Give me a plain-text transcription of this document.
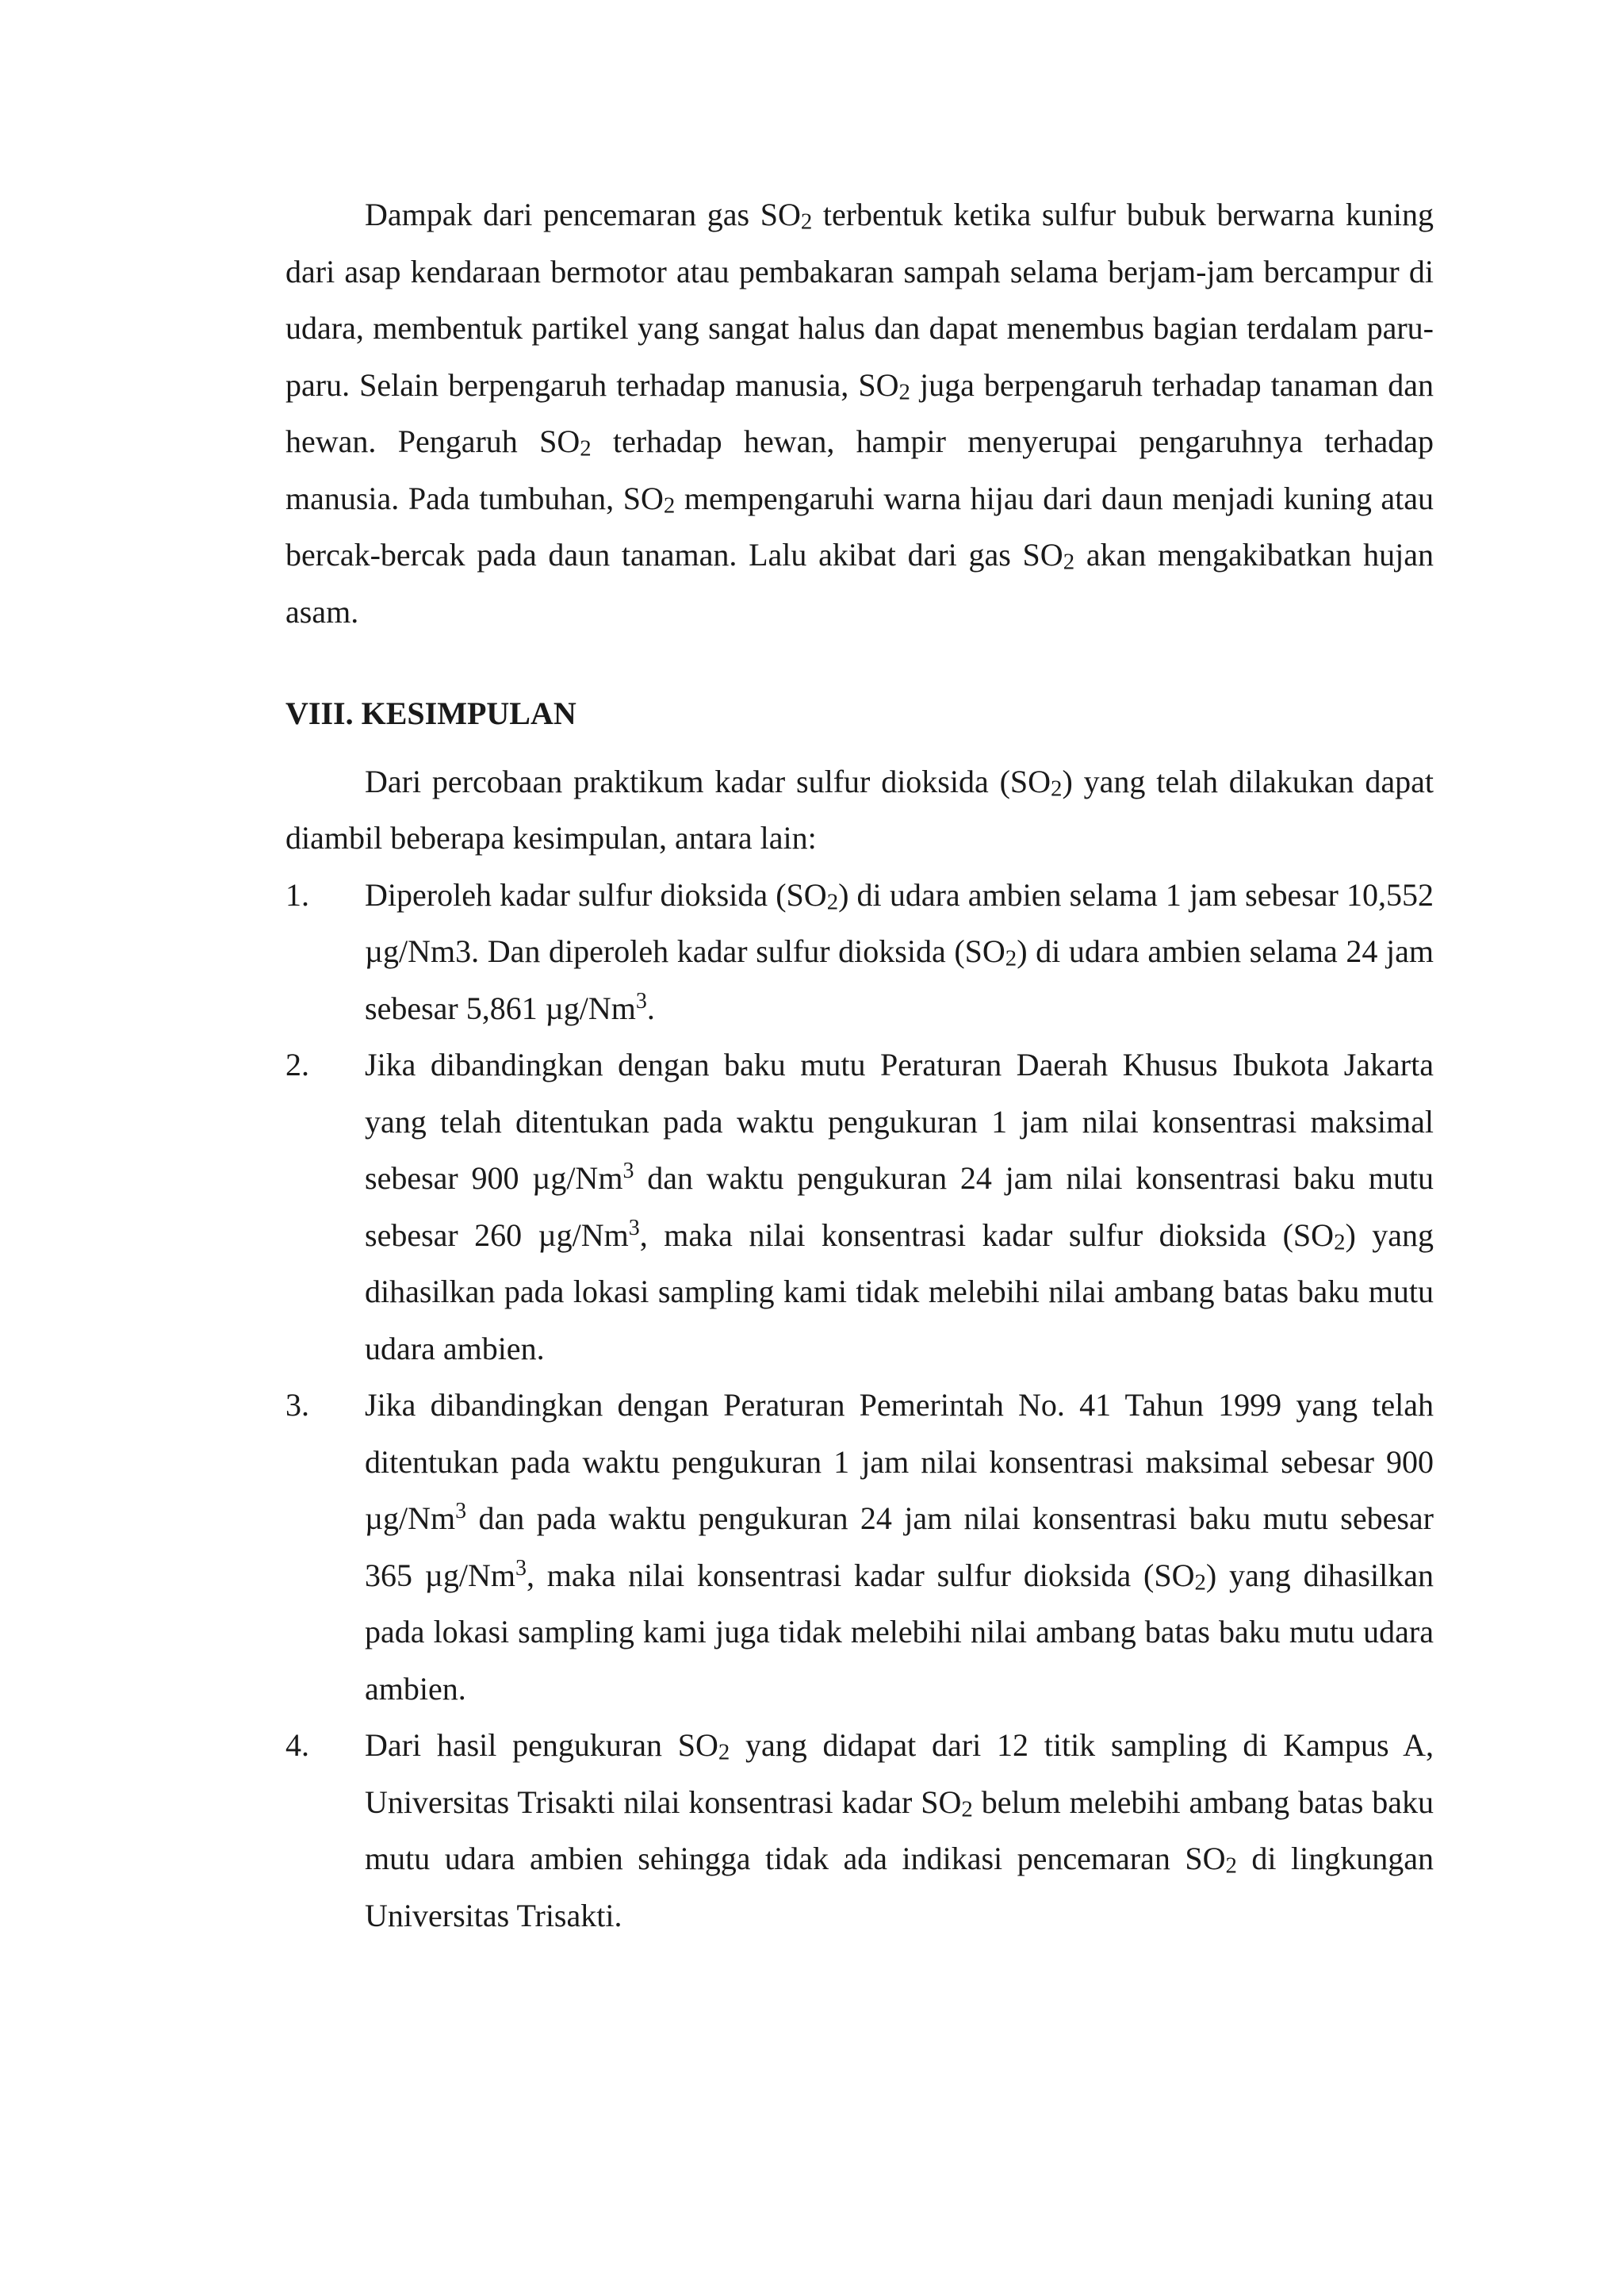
Dampak dari pencemaran gas $SO_2$ terbentuk ketika sulfur bubuk berwarna kuning dari asap kendaraan bermotor atau pembakaran sampah selama berjam-jam bercampur di udara, membentuk partikel yang sangat halus dan dapat menembus bagian terdalam paru-paru. Selain berpengaruh terhadap manusia, $SO_2$ juga berpengaruh terhadap tanaman dan hewan. Pengaruh $SO_2$ terhadap hewan, hampir menyerupai pengaruhnya terhadap manusia. Pada tumbuhan, $SO_2$ mempengaruhi warna hijau dari daun menjadi kuning atau bercak-bercak pada daun tanaman. Lalu akibat dari gas $SO_2$ akan mengakibatkan hujan asam.

VIII. KESIMPULAN

Dari percobaan praktikum kadar sulfur dioksida $(SO_2)$ yang telah dilakukan dapat diambil beberapa kesimpulan, antara lain:

1. Diperoleh kadar sulfur dioksida $(SO_2)$ di udara ambien selama 1 jam sebesar 10,552 µg/Nm3. Dan diperoleh kadar sulfur dioksida $(SO_2)$ di udara ambien selama 24 jam sebesar 5,861 µg/Nm$^3$.
2. Jika dibandingkan dengan baku mutu Peraturan Daerah Khusus Ibukota Jakarta yang telah ditentukan pada waktu pengukuran 1 jam nilai konsentrasi maksimal sebesar 900 µg/Nm$^3$ dan waktu pengukuran 24 jam nilai konsentrasi baku mutu sebesar 260 µg/Nm$^3$, maka nilai konsentrasi kadar sulfur dioksida $(SO_2)$ yang dihasilkan pada lokasi sampling kami tidak melebihi nilai ambang batas baku mutu udara ambien.
3. Jika dibandingkan dengan Peraturan Pemerintah No. 41 Tahun 1999 yang telah ditentukan pada waktu pengukuran 1 jam nilai konsentrasi maksimal sebesar 900 µg/Nm$^3$ dan pada waktu pengukuran 24 jam nilai konsentrasi baku mutu sebesar 365 µg/Nm$^3$, maka nilai konsentrasi kadar sulfur dioksida $(SO_2)$ yang dihasilkan pada lokasi sampling kami juga tidak melebihi nilai ambang batas baku mutu udara ambien.
4. Dari hasil pengukuran $SO_2$ yang didapat dari 12 titik sampling di Kampus A, Universitas Trisakti nilai konsentrasi kadar $SO_2$ belum melebihi ambang batas baku mutu udara ambien sehingga tidak ada indikasi pencemaran $SO_2$ di lingkungan Universitas Trisakti.
